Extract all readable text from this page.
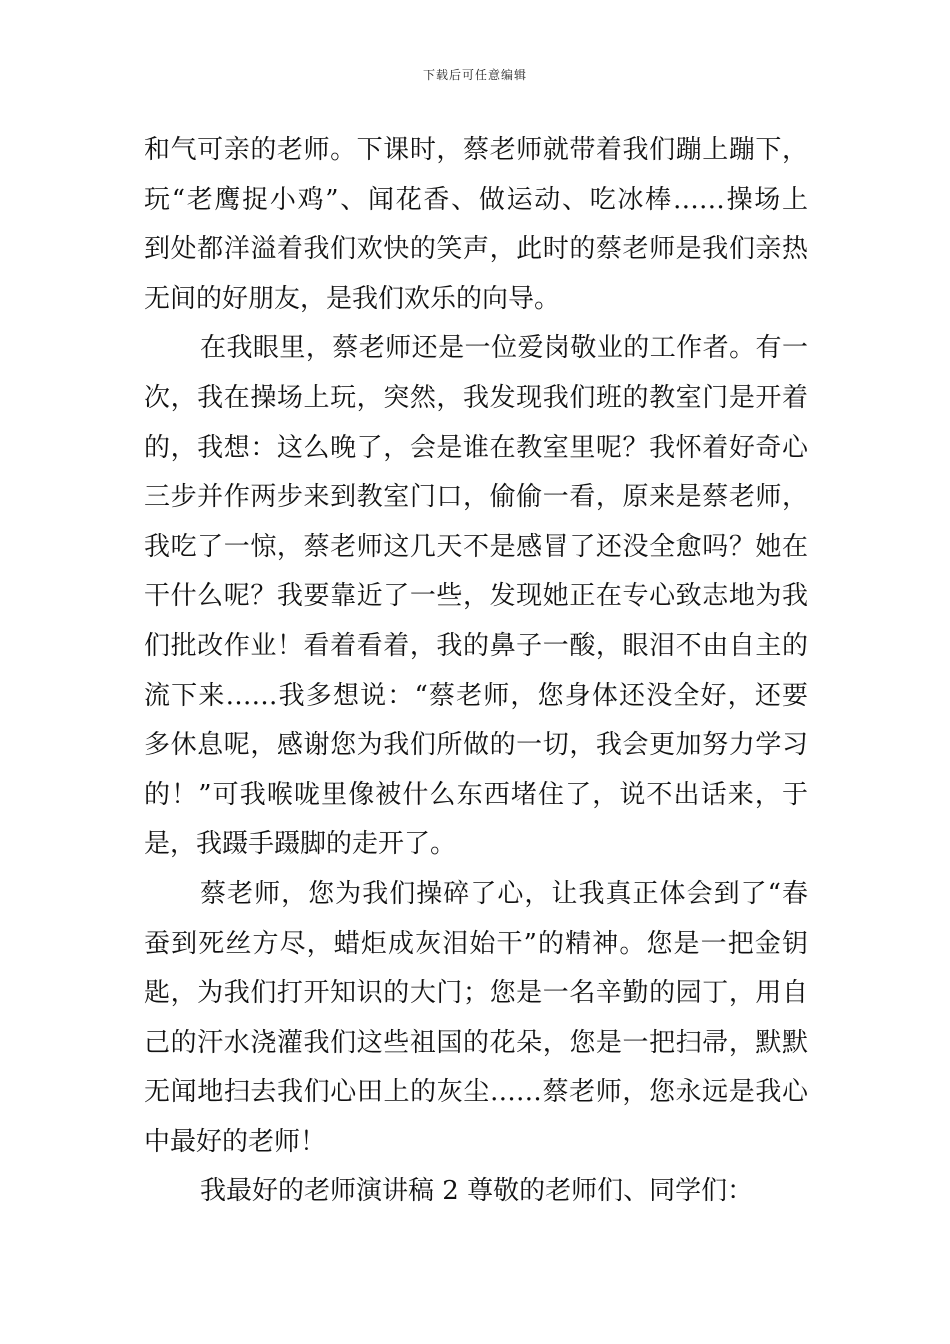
下载后可任意编辑
和气可亲的老师。下课时，蔡老师就带着我们蹦上蹦下，
玩“老鹰捉小鸡”、闻花香、做运动、吃冰棒……操场上
到处都洋溢着我们欢快的笑声，此时的蔡老师是我们亲热
无间的好朋友，是我们欢乐的向导。
在我眼里，蔡老师还是一位爱岗敬业的工作者。有一
次，我在操场上玩，突然，我发现我们班的教室门是开着
的，我想：这么晚了，会是谁在教室里呢？我怀着好奇心
三步并作两步来到教室门口，偷偷一看，原来是蔡老师，
我吃了一惊，蔡老师这几天不是感冒了还没全愈吗？她在
干什么呢？我要靠近了一些，发现她正在专心致志地为我
们批改作业！看着看着，我的鼻子一酸，眼泪不由自主的
流下来……我多想说：“蔡老师，您身体还没全好，还要
多休息呢，感谢您为我们所做的一切，我会更加努力学习
的！”可我喉咙里像被什么东西堵住了，说不出话来，于
是，我蹑手蹑脚的走开了。
蔡老师，您为我们操碎了心，让我真正体会到了“春
蚕到死丝方尽，蜡炬成灰泪始干”的精神。您是一把金钥
匙，为我们打开知识的大门；您是一名辛勤的园丁，用自
己的汗水浇灌我们这些祖国的花朵，您是一把扫帚，默默
无闻地扫去我们心田上的灰尘……蔡老师，您永远是我心
中最好的老师！
我最好的老师演讲稿 2 尊敬的老师们、同学们：
